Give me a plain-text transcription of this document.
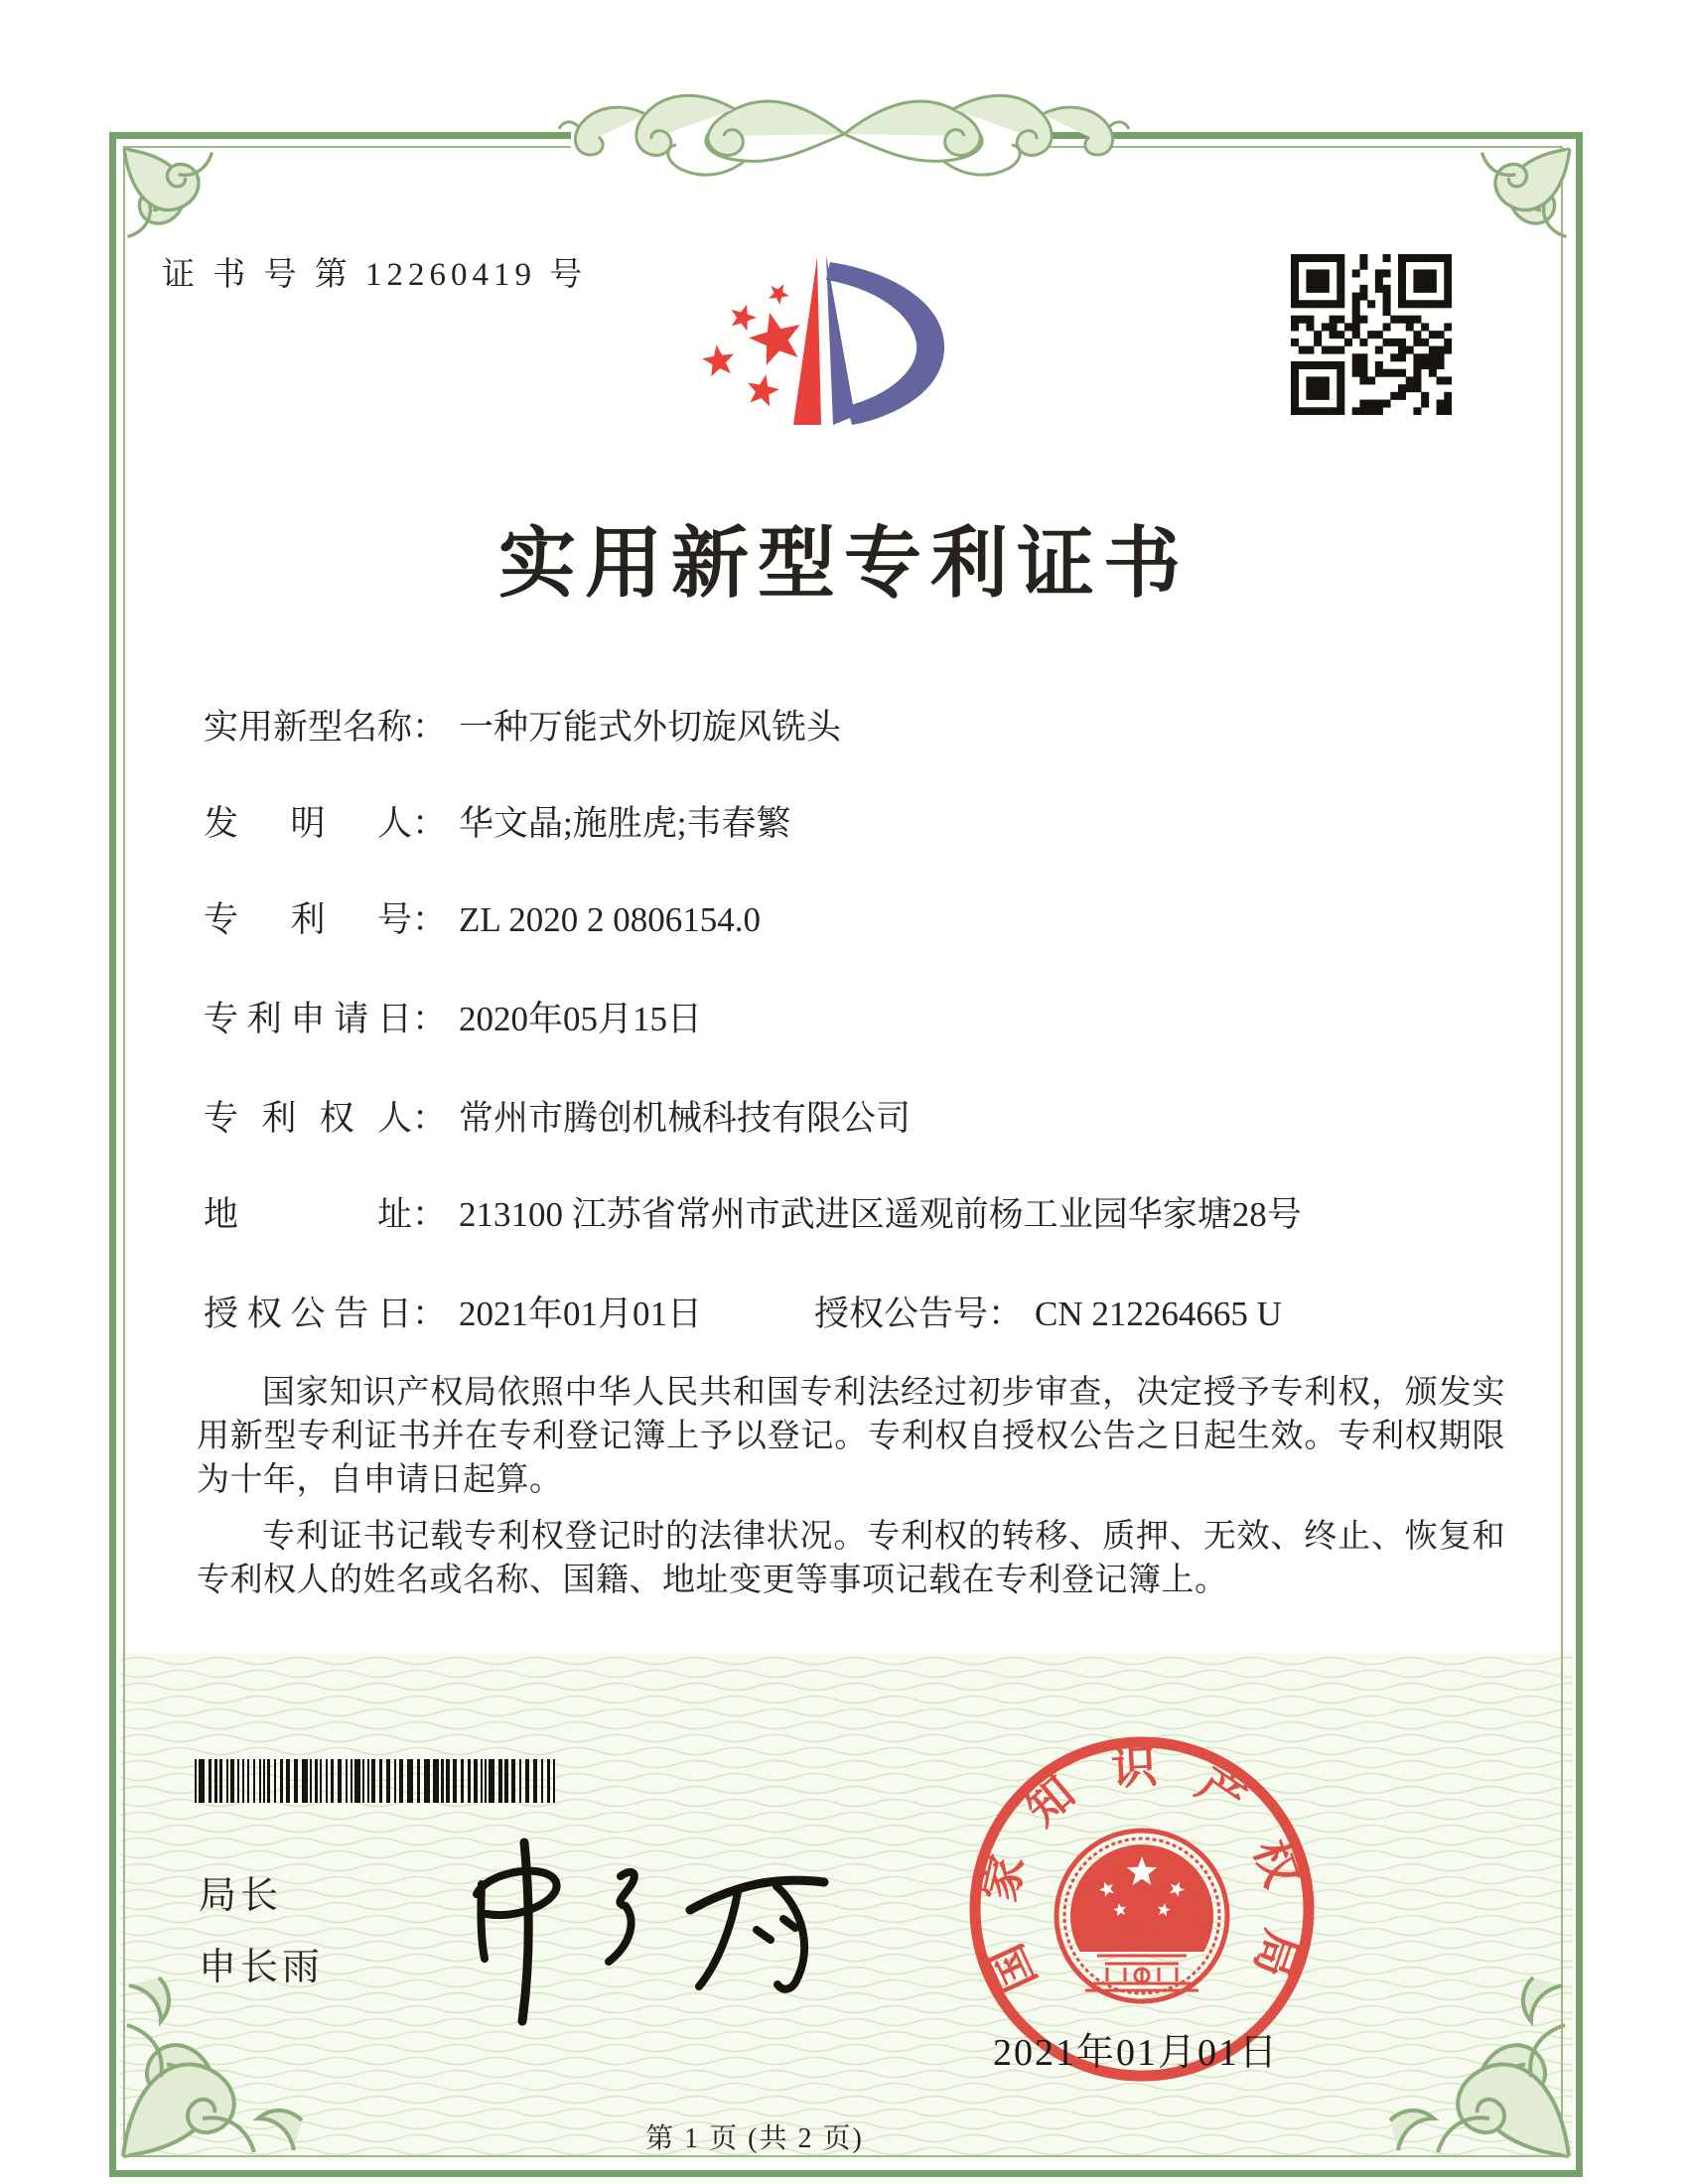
证 书 号 第 12260419 号
实用新型专利证书
实用新型名称： 一种万能式外切旋风铣头
发明人： 华文晶;施胜虎;韦春繁
专利号： ZL 2020 2 0806154.0
专利申请日： 2020年05月15日
专利权人： 常州市腾创机械科技有限公司
地址： 213100 江苏省常州市武进区遥观前杨工业园华家塘28号
授权公告日： 2021年01月01日	授权公告号： CN 212264665 U

国家知识产权局依照中华人民共和国专利法经过初步审查，决定授予专利权，颁发实用新型专利证书并在专利登记簿上予以登记。专利权自授权公告之日起生效。专利权期限为十年，自申请日起算。

专利证书记载专利权登记时的法律状况。专利权的转移、质押、无效、终止、恢复和专利权人的姓名或名称、国籍、地址变更等事项记载在专利登记簿上。

局长
申长雨	国家知识产权局
2021年01月01日
第 1 页 (共 2 页)
